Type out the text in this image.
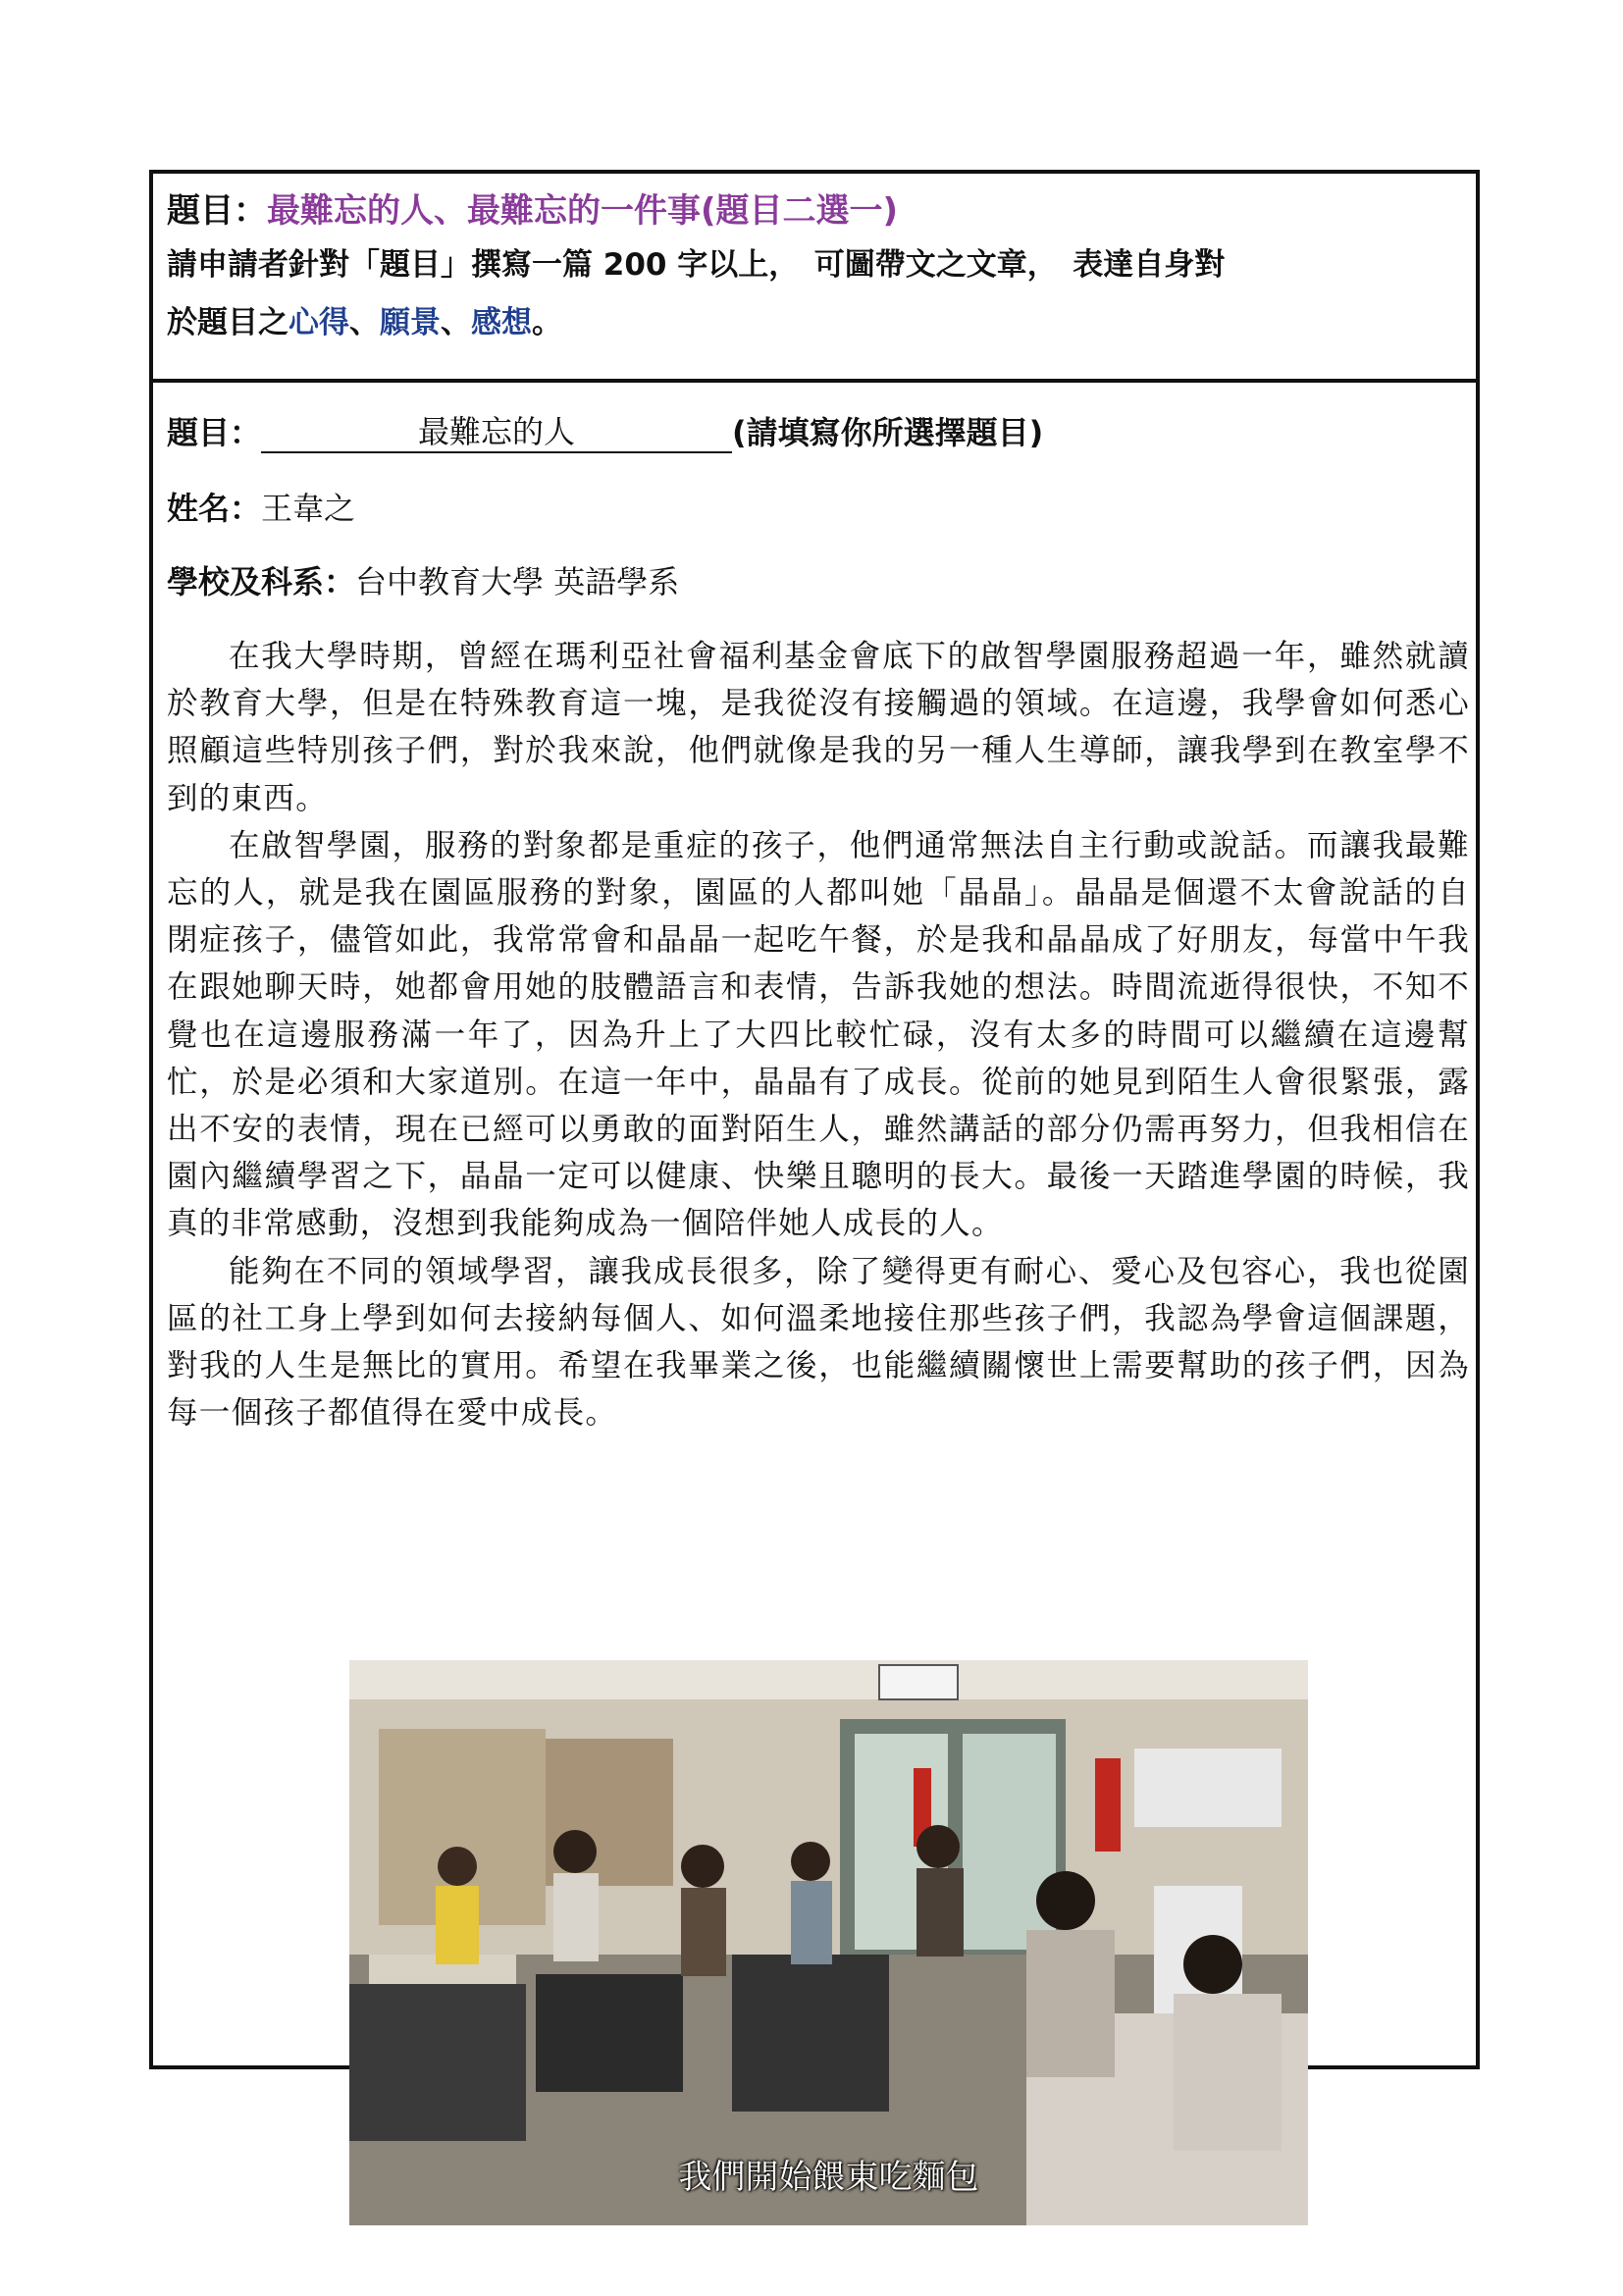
題目：最難忘的人、最難忘的一件事(題目二選一)
請申請者針對「題目」撰寫一篇 200 字以上，　可圖帶文之文章，　表達自身對
於題目之心得、願景、感想。
題目：	最難忘的人	(請填寫你所選擇題目)
姓名：王韋之
學校及科系：台中教育大學 英語學系

在我大學時期，曾經在瑪利亞社會福利基金會底下的啟智學園服務超過一年，雖然就讀於教育大學，但是在特殊教育這一塊，是我從沒有接觸過的領域。在這邊，我學會如何悉心照顧這些特別孩子們，對於我來說，他們就像是我的另一種人生導師，讓我學到在教室學不到的東西。

在啟智學園，服務的對象都是重症的孩子，他們通常無法自主行動或說話。而讓我最難忘的人，就是我在園區服務的對象，園區的人都叫她「晶晶」。晶晶是個還不太會說話的自閉症孩子，儘管如此，我常常會和晶晶一起吃午餐，於是我和晶晶成了好朋友，每當中午我在跟她聊天時，她都會用她的肢體語言和表情，告訴我她的想法。時間流逝得很快，不知不覺也在這邊服務滿一年了，因為升上了大四比較忙碌，沒有太多的時間可以繼續在這邊幫忙，於是必須和大家道別。在這一年中，晶晶有了成長。從前的她見到陌生人會很緊張，露出不安的表情，現在已經可以勇敢的面對陌生人，雖然講話的部分仍需再努力，但我相信在園內繼續學習之下，晶晶一定可以健康、快樂且聰明的長大。最後一天踏進學園的時候，我真的非常感動，沒想到我能夠成為一個陪伴她人成長的人。

能夠在不同的領域學習，讓我成長很多，除了變得更有耐心、愛心及包容心，我也從園區的社工身上學到如何去接納每個人、如何溫柔地接住那些孩子們，我認為學會這個課題，對我的人生是無比的實用。希望在我畢業之後，也能繼續關懷世上需要幫助的孩子們，因為每一個孩子都值得在愛中成長。

我們開始餵東吃麵包
